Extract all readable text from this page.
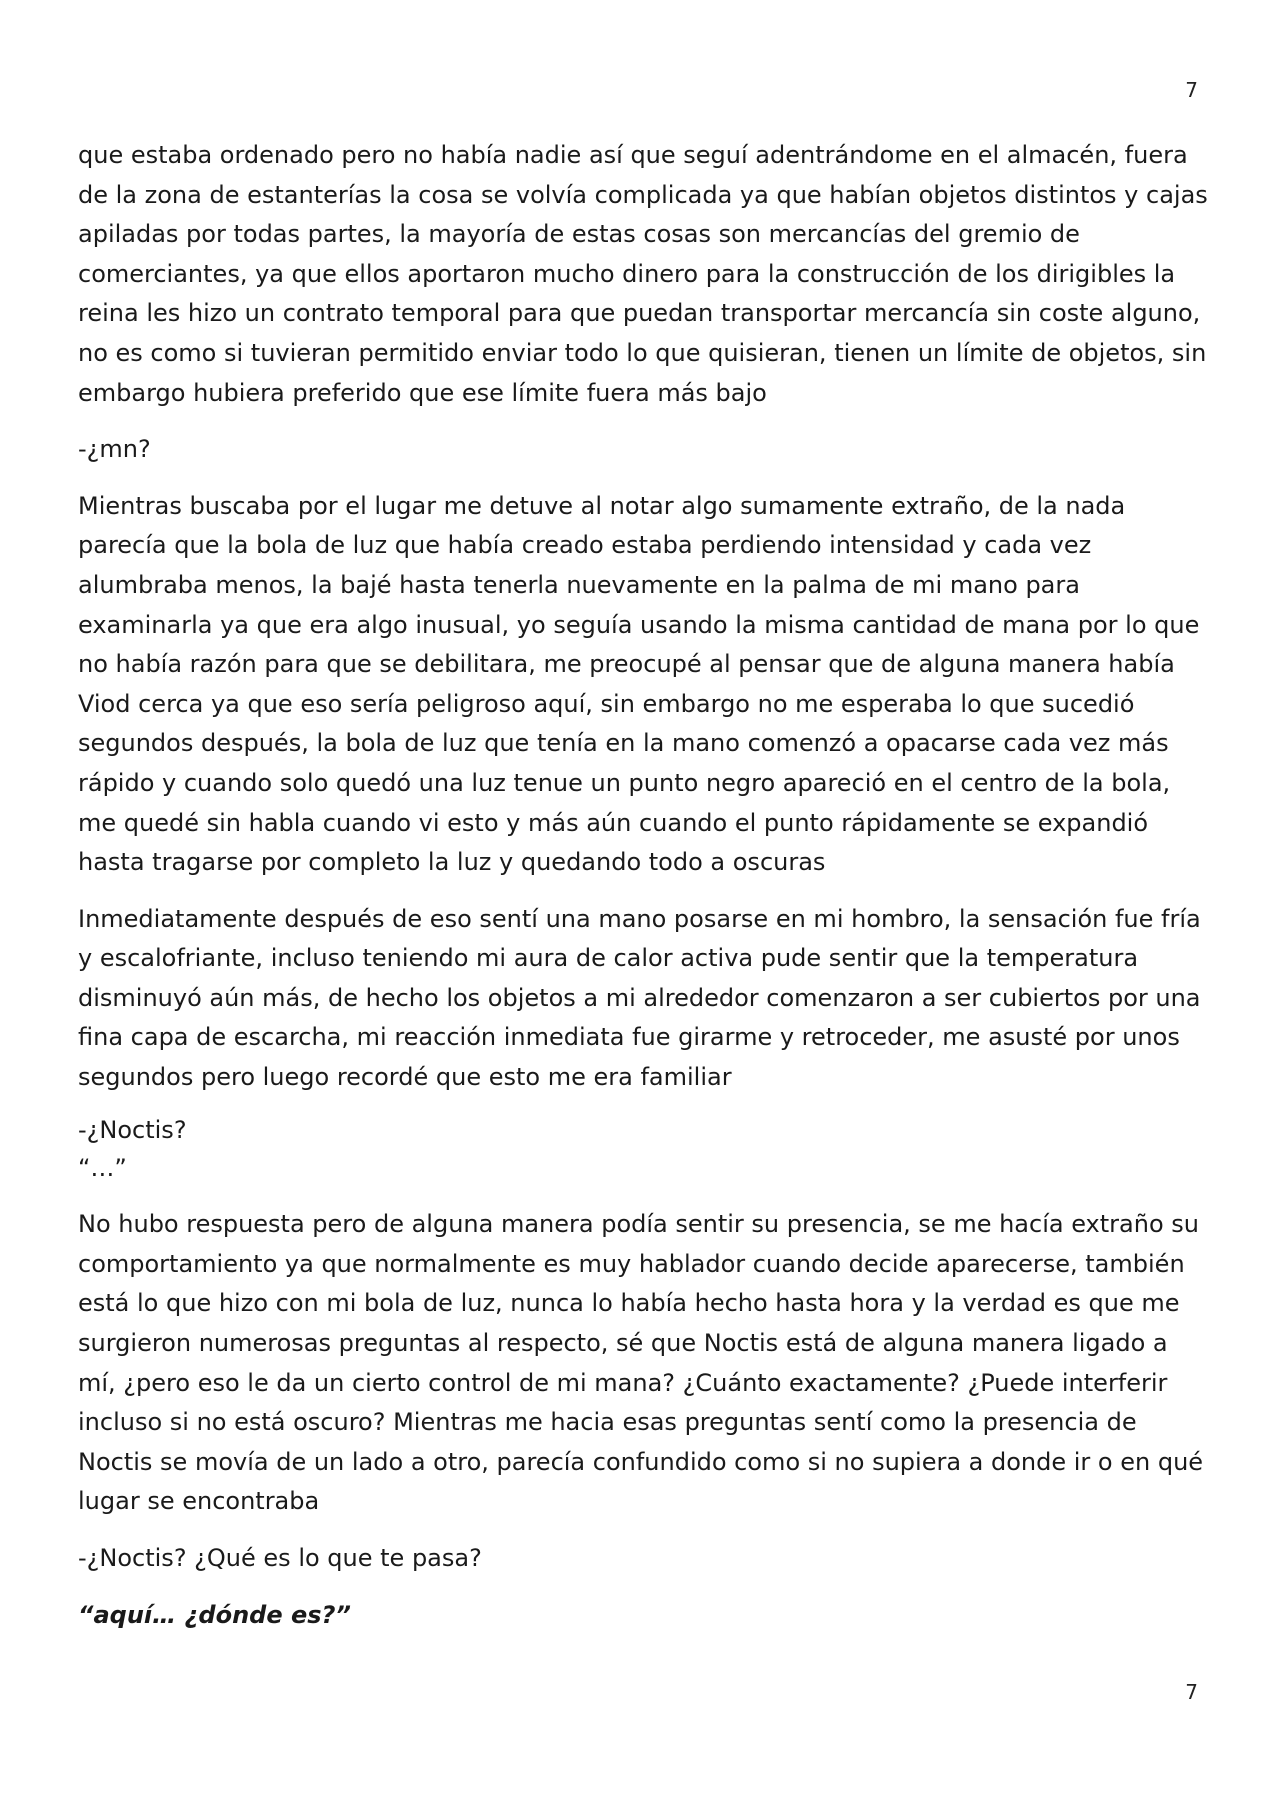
7

que estaba ordenado pero no había nadie así que seguí adentrándome en el almacén, fuera de la zona de estanterías la cosa se volvía complicada ya que habían objetos distintos y cajas apiladas por todas partes, la mayoría de estas cosas son mercancías del gremio de comerciantes, ya que ellos aportaron mucho dinero para la construcción de los dirigibles la reina les hizo un contrato temporal para que puedan transportar mercancía sin coste alguno, no es como si tuvieran permitido enviar todo lo que quisieran, tienen un límite de objetos, sin embargo hubiera preferido que ese límite fuera más bajo

-¿mn?

Mientras buscaba por el lugar me detuve al notar algo sumamente extraño, de la nada parecía que la bola de luz que había creado estaba perdiendo intensidad y cada vez alumbraba menos, la bajé hasta tenerla nuevamente en la palma de mi mano para examinarla ya que era algo inusual, yo seguía usando la misma cantidad de mana por lo que no había razón para que se debilitara, me preocupé al pensar que de alguna manera había Viod cerca ya que eso sería peligroso aquí, sin embargo no me esperaba lo que sucedió segundos después, la bola de luz que tenía en la mano comenzó a opacarse cada vez más rápido y cuando solo quedó una luz tenue un punto negro apareció en el centro de la bola, me quedé sin habla cuando vi esto y más aún cuando el punto rápidamente se expandió hasta tragarse por completo la luz y quedando todo a oscuras

Inmediatamente después de eso sentí una mano posarse en mi hombro, la sensación fue fría y escalofriante, incluso teniendo mi aura de calor activa pude sentir que la temperatura disminuyó aún más, de hecho los objetos a mi alrededor comenzaron a ser cubiertos por una fina capa de escarcha, mi reacción inmediata fue girarme y retroceder, me asusté por unos segundos pero luego recordé que esto me era familiar

-¿Noctis?

“…”

No hubo respuesta pero de alguna manera podía sentir su presencia, se me hacía extraño su comportamiento ya que normalmente es muy hablador cuando decide aparecerse, también está lo que hizo con mi bola de luz, nunca lo había hecho hasta hora y la verdad es que me surgieron numerosas preguntas al respecto, sé que Noctis está de alguna manera ligado a mí, ¿pero eso le da un cierto control de mi mana? ¿Cuánto exactamente? ¿Puede interferir incluso si no está oscuro? Mientras me hacia esas preguntas sentí como la presencia de Noctis se movía de un lado a otro, parecía confundido como si no supiera a donde ir o en qué lugar se encontraba

-¿Noctis? ¿Qué es lo que te pasa?

“aquí… ¿dónde es?”

7
